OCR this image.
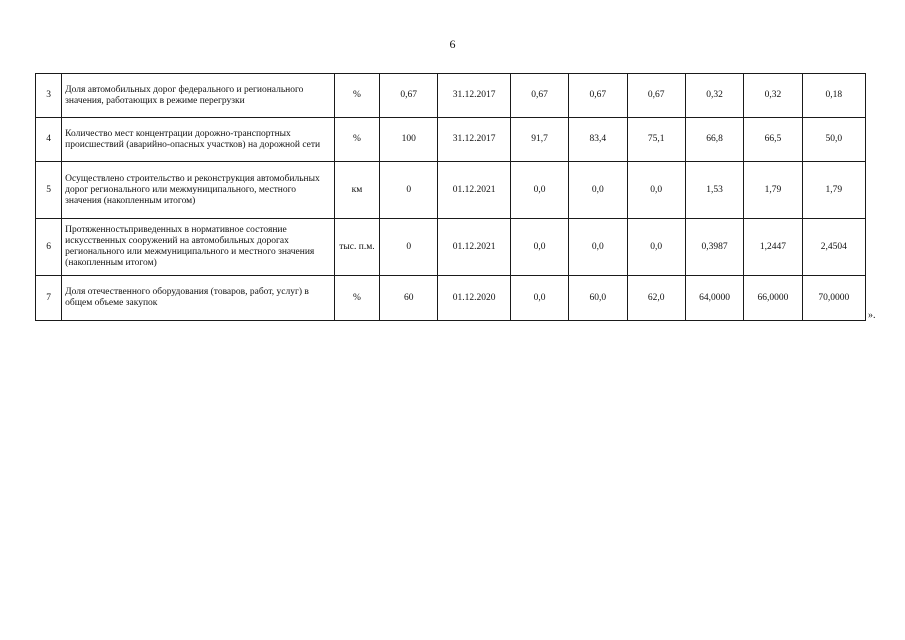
6
3	Доля автомобильных дорог федерального и регионального значения, работающих в режиме перегрузки	%	0,67	31.12.2017	0,67	0,67	0,67	0,32	0,32	0,18
4	Количество мест концентрации дорожно-транспортных происшествий (аварийно-опасных участков) на дорожной сети	%	100	31.12.2017	91,7	83,4	75,1	66,8	66,5	50,0
5	Осуществлено строительство и реконструкция автомобильных дорог регионального или межмуниципального, местного значения (накопленным итогом)	км	0	01.12.2021	0,0	0,0	0,0	1,53	1,79	1,79
6	Протяженностьприведенных в нормативное состояние искусственных сооружений на автомобильных дорогах регионального или межмуниципального и местного значения (накопленным итогом)	тыс. п.м.	0	01.12.2021	0,0	0,0	0,0	0,3987	1,2447	2,4504
7	Доля отечественного оборудования (товаров, работ, услуг) в общем объеме закупок	%	60	01.12.2020	0,0	60,0	62,0	64,0000	66,0000	70,0000
».
